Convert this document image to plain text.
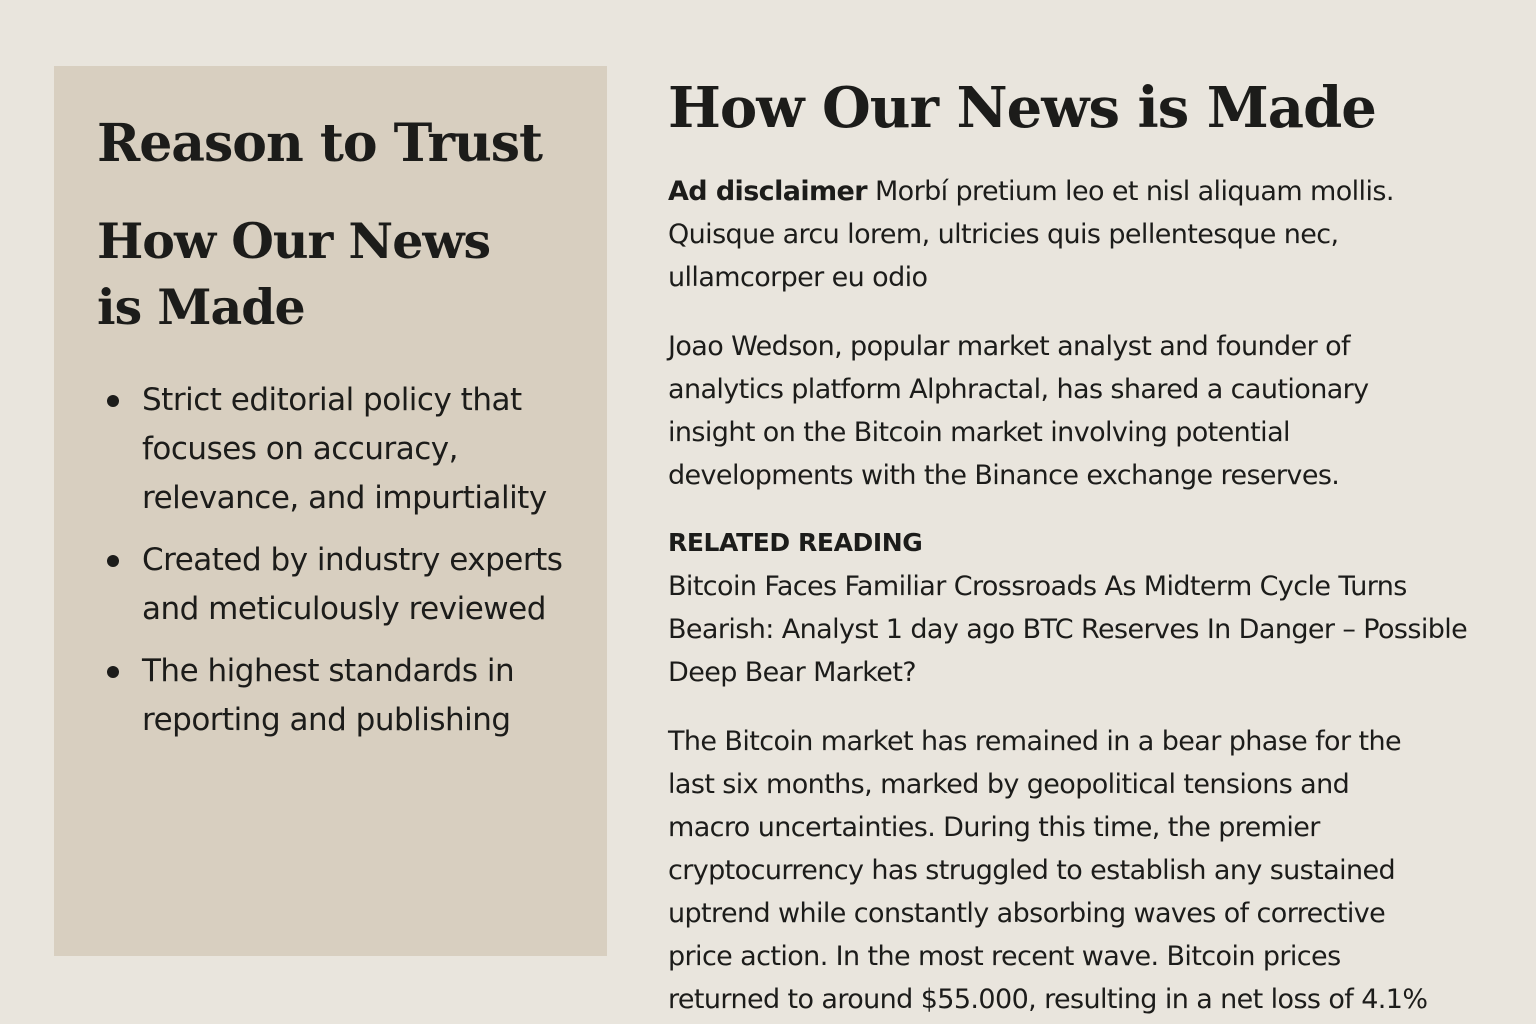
Reason to Trust
How Our News is Made
Strict editorial policy that focuses on accuracy, relevance, and impurtiality
Created by industry experts and meticulously reviewed
The highest standards in reporting and publishing
How Our News is Made

Ad disclaimer Morbí pretium leo et nisl aliquam mollis. Quisque arcu lorem, ultricies quis pellentesque nec, ullamcorper eu odio

Joao Wedson, popular market analyst and founder of analytics platform Alphractal, has shared a cautionary insight on the Bitcoin market involving potential developments with the Binance exchange reserves.

RELATED READING

Bitcoin Faces Familiar Crossroads As Midterm Cycle Turns Bearish: Analyst 1 day ago BTC Reserves In Danger – Possible Deep Bear Market?

The Bitcoin market has remained in a bear phase for the last six months, marked by geopolitical tensions and macro uncertainties. During this time, the premier cryptocurrency has struggled to establish any sustained uptrend while constantly absorbing waves of corrective price action. In the most recent wave. Bitcoin prices returned to around $55.000, resulting in a net loss of 4.1%
